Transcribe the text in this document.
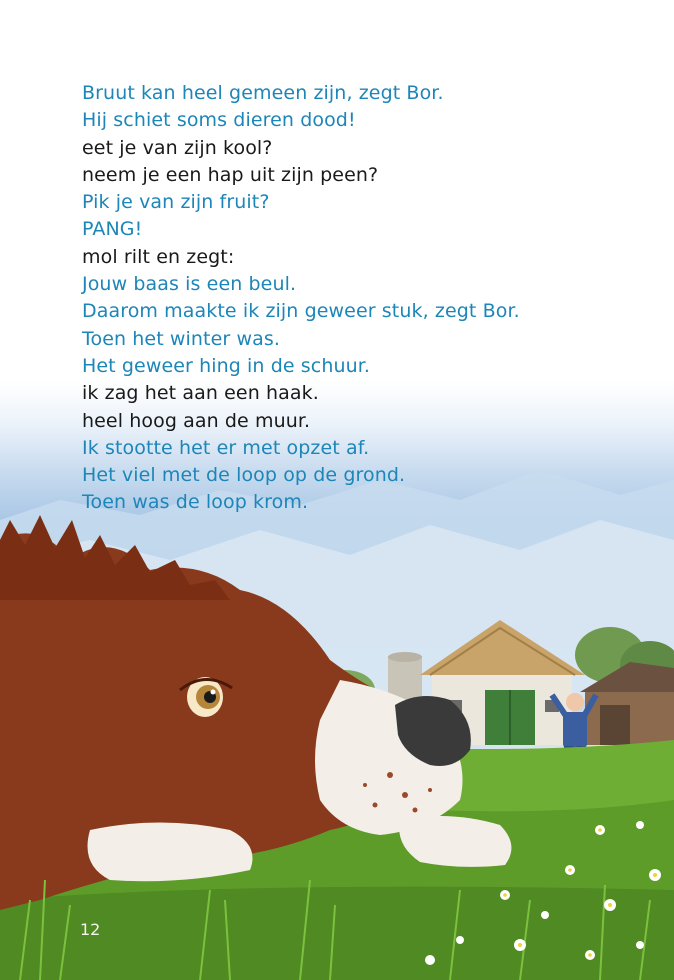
Bruut kan heel gemeen zijn, zegt Bor.
Hij schiet soms dieren dood!
eet je van zijn kool?
neem je een hap uit zijn peen?
Pik je van zijn fruit?
PANG!
mol rilt en zegt:
Jouw baas is een beul.
Daarom maakte ik zijn geweer stuk, zegt Bor.
Toen het winter was.
Het geweer hing in de schuur.
ik zag het aan een haak.
heel hoog aan de muur.
Ik stootte het er met opzet af.
Het viel met de loop op de grond.
Toen was de loop krom.
12
